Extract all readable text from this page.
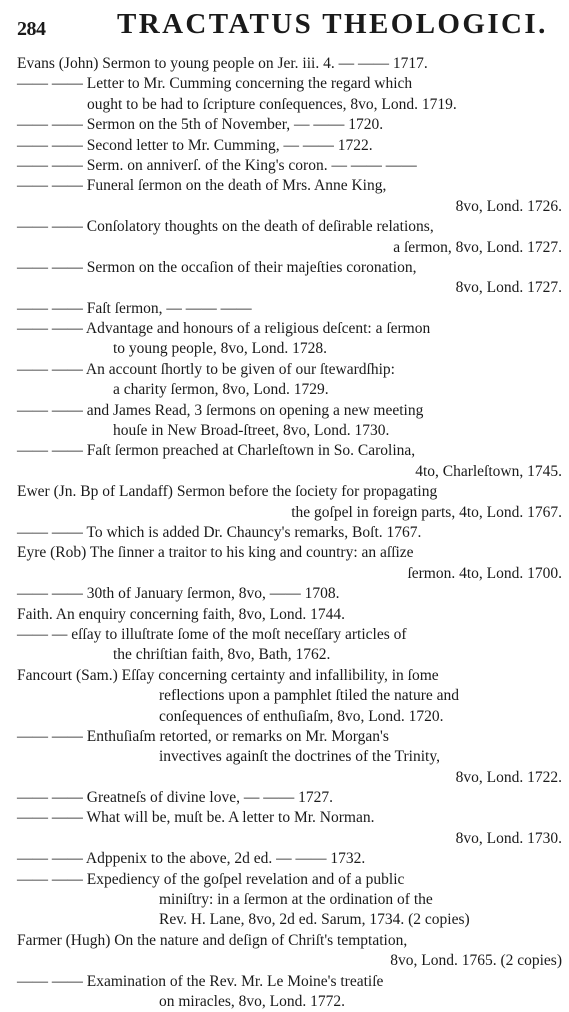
284 TRACTATUS THEOLOGICI.
Evans (John) Sermon to young people on Jer. iii. 4. — —— 1717.
—— —— Letter to Mr. Cumming concerning the regard which
ought to be had to ſcripture conſequences, 8vo, Lond. 1719.
—— —— Sermon on the 5th of November, — —— 1720.
—— —— Second letter to Mr. Cumming, — —— 1722.
—— —— Serm. on anniverſ. of the King's coron. — —— ——
—— —— Funeral ſermon on the death of Mrs. Anne King,
8vo, Lond. 1726.
—— —— Conſolatory thoughts on the death of deſirable relations,
a ſermon, 8vo, Lond. 1727.
—— —— Sermon on the occaſion of their majeſties coronation,
8vo, Lond. 1727.
—— —— Faſt ſermon, — —— ——
—— —— Advantage and honours of a religious deſcent: a ſermon
to young people, 8vo, Lond. 1728.
—— —— An account ſhortly to be given of our ſtewardſhip:
a charity ſermon, 8vo, Lond. 1729.
—— —— and James Read, 3 ſermons on opening a new meeting
houſe in New Broad-ſtreet, 8vo, Lond. 1730.
—— —— Faſt ſermon preached at Charleſtown in So. Carolina,
4to, Charleſtown, 1745.
Ewer (Jn. Bp of Landaff) Sermon before the ſociety for propagating
the goſpel in foreign parts, 4to, Lond. 1767.
—— —— To which is added Dr. Chauncy's remarks, Boſt. 1767.
Eyre (Rob) The ſinner a traitor to his king and country: an aſſize
ſermon. 4to, Lond. 1700.
—— —— 30th of January ſermon, 8vo, —— 1708.
Faith. An enquiry concerning faith, 8vo, Lond. 1744.
—— — eſſay to illuſtrate ſome of the moſt neceſſary articles of
the chriſtian faith, 8vo, Bath, 1762.
Fancourt (Sam.) Eſſay concerning certainty and infallibility, in ſome
reflections upon a pamphlet ſtiled the nature and
conſequences of enthuſiaſm, 8vo, Lond. 1720.
—— —— Enthuſiaſm retorted, or remarks on Mr. Morgan's
invectives againſt the doctrines of the Trinity,
8vo, Lond. 1722.
—— —— Greatneſs of divine love, — —— 1727.
—— —— What will be, muſt be. A letter to Mr. Norman.
8vo, Lond. 1730.
—— —— Adppenix to the above, 2d ed. — —— 1732.
—— —— Expediency of the goſpel revelation and of a public
miniſtry: in a ſermon at the ordination of the
Rev. H. Lane, 8vo, 2d ed. Sarum, 1734. (2 copies)
Farmer (Hugh) On the nature and deſign of Chriſt's temptation,
8vo, Lond. 1765. (2 copies)
—— —— Examination of the Rev. Mr. Le Moine's treatiſe
on miracles, 8vo, Lond. 1772.
